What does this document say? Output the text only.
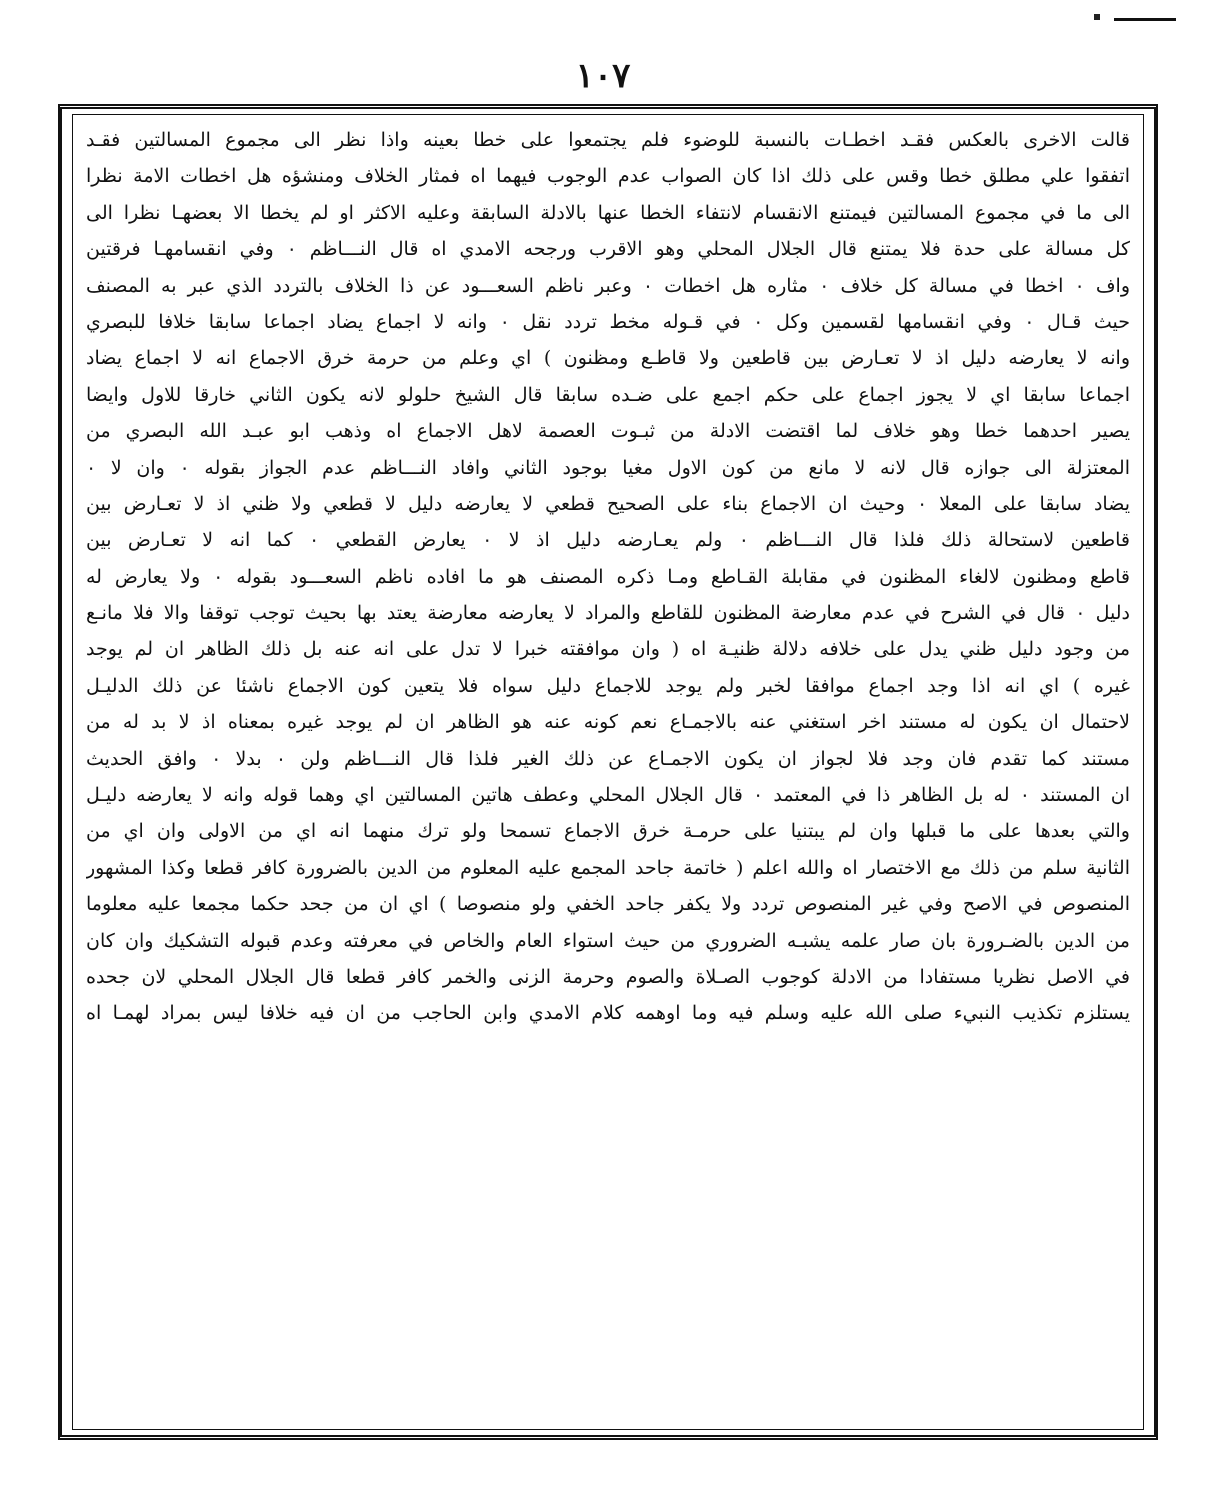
١٠٧
قالت الاخرى بالعكس فقـد اخطـات بالنسبة للوضوء فلم يجتمعوا على خطا بعينه واذا نظر الى مجموع المسالتين فقـد
اتفقوا علي مطلق خطا وقس على ذلك اذا كان الصواب عدم الوجوب فيهما اه فمثار الخلاف ومنشؤه هل اخطات الامة نظرا
الى ما في مجموع المسالتين فيمتنع الانقسام لانتفاء الخطا عنها بالادلة السابقة وعليه الاكثر او لم يخطا الا بعضهـا نظرا الى
كل مسالة على حدة فلا يمتنع قال الجلال المحلي وهو الاقرب ورجحه الامدي اه قال النـــاظم ٠ وفي انقسامهـا فرقتين
واف ٠ اخطا في مسالة كل خلاف ٠ مثاره هل اخطات ٠ وعبر ناظم السعـــود عن ذا الخلاف بالتردد الذي عبر به المصنف
حيث قـال ٠ وفي انقسامها لقسمين وكل ٠ في قـوله مخط تردد نقل ٠ وانه لا اجماع يضاد اجماعا سابقا خلافا للبصري
وانه لا يعارضه دليل اذ لا تعـارض بين قاطعين ولا قاطـع ومظنون ) اي وعلم من حرمة خرق الاجماع انه لا اجماع يضاد
اجماعا سابقا اي لا يجوز اجماع على حكم اجمع على ضـده سابقا قال الشيخ حلولو لانه يكون الثاني خارقا للاول وايضا
يصير احدهما خطا وهو خلاف لما اقتضت الادلة من ثبـوت العصمة لاهل الاجماع اه وذهب ابو عبـد الله البصري من
المعتزلة الى جوازه قال لانه لا مانع من كون الاول مغيا بوجود الثاني وافاد النـــاظم عدم الجواز بقوله ٠ وان لا ٠
يضاد سابقا على المعلا ٠ وحيث ان الاجماع بناء على الصحيح قطعي لا يعارضه دليل لا قطعي ولا ظني اذ لا تعـارض بين
قاطعين لاستحالة ذلك فلذا قال النـــاظم ٠ ولم يعـارضه دليل اذ لا ٠ يعارض القطعي ٠ كما انه لا تعـارض بين
قاطع ومظنون لالغاء المظنون في مقابلة القـاطع ومـا ذكره المصنف هو ما افاده ناظم السعـــود بقوله ٠ ولا يعارض له
دليل ٠ قال في الشرح في عدم معارضة المظنون للقاطع والمراد لا يعارضه معارضة يعتد بها بحيث توجب توقفا والا فلا مانـع
من وجود دليل ظني يدل على خلافه دلالة ظنيـة اه ( وان موافقته خبرا لا تدل على انه عنه بل ذلك الظاهر ان لم يوجد
غيره ) اي انه اذا وجد اجماع موافقا لخبر ولم يوجد للاجماع دليل سواه فلا يتعين كون الاجماع ناشئا عن ذلك الدليـل
لاحتمال ان يكون له مستند اخر استغني عنه بالاجمـاع نعم كونه عنه هو الظاهر ان لم يوجد غيره بمعناه اذ لا بد له من
مستند كما تقدم فان وجد فلا لجواز ان يكون الاجمـاع عن ذلك الغير فلذا قال النـــاظم ولن ٠ بدلا ٠ وافق الحديث
ان المستند ٠ له بل الظاهر ذا في المعتمد ٠ قال الجلال المحلي وعطف هاتين المسالتين اي وهما قوله وانه لا يعارضه دليـل
والتي بعدها على ما قبلها وان لم يبتنيا على حرمـة خرق الاجماع تسمحا ولو ترك منهما انه اي من الاولى وان اي من
الثانية سلم من ذلك مع الاختصار اه والله اعلم ( خاتمة جاحد المجمع عليه المعلوم من الدين بالضرورة كافر قطعا وكذا المشهور
المنصوص في الاصح وفي غير المنصوص تردد ولا يكفر جاحد الخفي ولو منصوصا ) اي ان من جحد حكما مجمعا عليه معلوما
من الدين بالضـرورة بان صار علمه يشبـه الضروري من حيث استواء العام والخاص في معرفته وعدم قبوله التشكيك وان كان
في الاصل نظريا مستفادا من الادلة كوجوب الصـلاة والصوم وحرمة الزنى والخمر كافر قطعا قال الجلال المحلي لان جحده
يستلزم تكذيب النبيء صلى الله عليه وسلم فيه وما اوهمه كلام الامدي وابن الحاجب من ان فيه خلافا ليس بمراد لهمـا اه
